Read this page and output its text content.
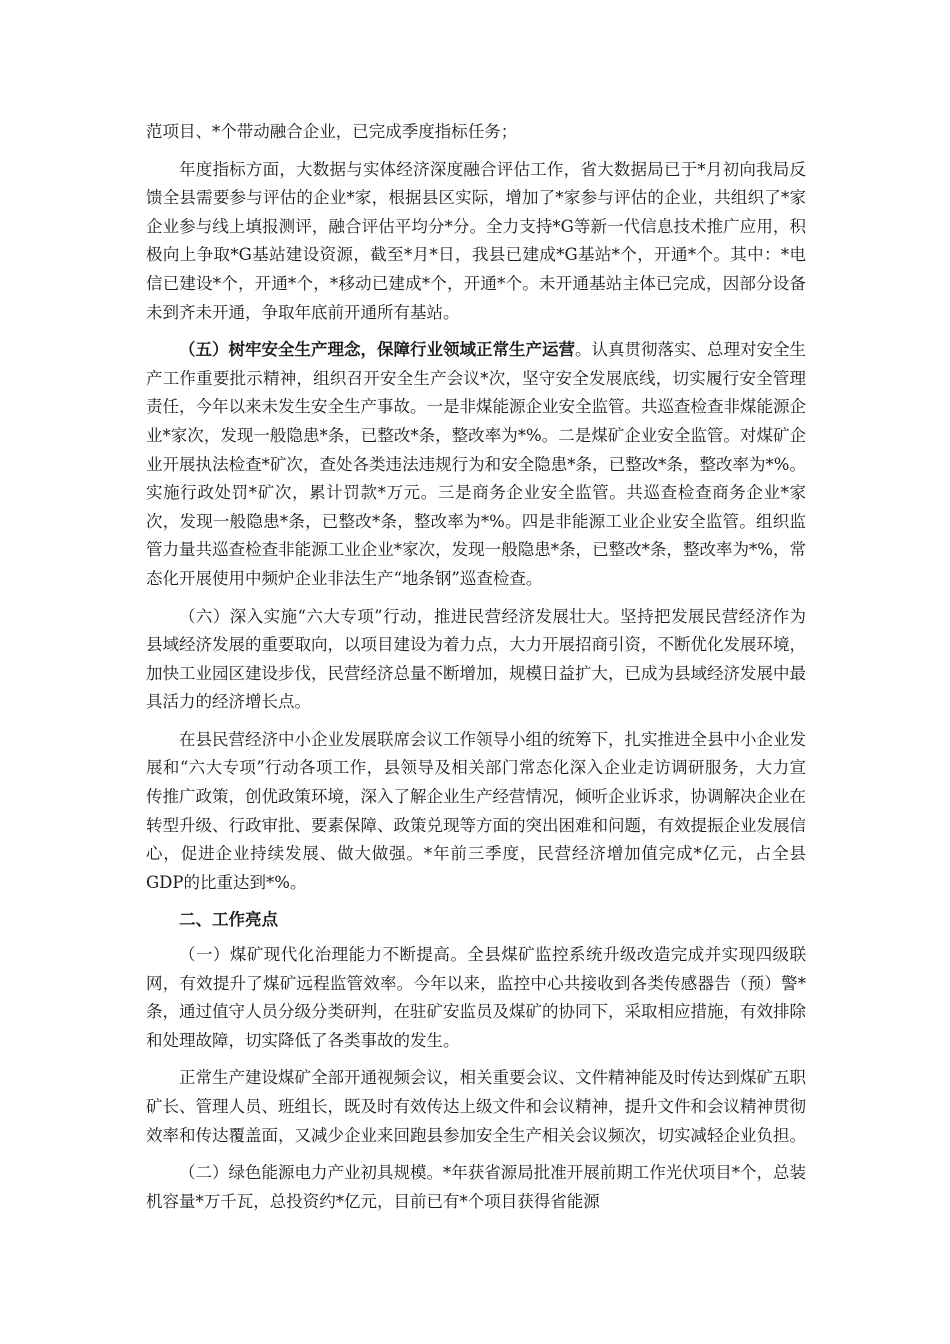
范项目、*个带动融合企业，已完成季度指标任务；

年度指标方面，大数据与实体经济深度融合评估工作，省大数据局已于*月初向我局反馈全县需要参与评估的企业*家，根据县区实际，增加了*家参与评估的企业，共组织了*家企业参与线上填报测评，融合评估平均分*分。全力支持*G等新一代信息技术推广应用，积极向上争取*G基站建设资源，截至*月*日，我县已建成*G基站*个，开通*个。其中：*电信已建设*个，开通*个，*移动已建成*个，开通*个。未开通基站主体已完成，因部分设备未到齐未开通，争取年底前开通所有基站。

（五）树牢安全生产理念，保障行业领域正常生产运营。认真贯彻落实、总理对安全生产工作重要批示精神，组织召开安全生产会议*次，坚守安全发展底线，切实履行安全管理责任，今年以来未发生安全生产事故。一是非煤能源企业安全监管。共巡查检查非煤能源企业*家次，发现一般隐患*条，已整改*条，整改率为*%。二是煤矿企业安全监管。对煤矿企业开展执法检查*矿次，查处各类违法违规行为和安全隐患*条，已整改*条，整改率为*%。实施行政处罚*矿次，累计罚款*万元。三是商务企业安全监管。共巡查检查商务企业*家次，发现一般隐患*条，已整改*条，整改率为*%。四是非能源工业企业安全监管。组织监管力量共巡查检查非能源工业企业*家次，发现一般隐患*条，已整改*条，整改率为*%，常态化开展使用中频炉企业非法生产“地条钢”巡查检查。

（六）深入实施“六大专项”行动，推进民营经济发展壮大。坚持把发展民营经济作为县域经济发展的重要取向，以项目建设为着力点，大力开展招商引资，不断优化发展环境，加快工业园区建设步伐，民营经济总量不断增加，规模日益扩大，已成为县域经济发展中最具活力的经济增长点。

在县民营经济中小企业发展联席会议工作领导小组的统筹下，扎实推进全县中小企业发展和“六大专项”行动各项工作，县领导及相关部门常态化深入企业走访调研服务，大力宣传推广政策，创优政策环境，深入了解企业生产经营情况，倾听企业诉求，协调解决企业在转型升级、行政审批、要素保障、政策兑现等方面的突出困难和问题，有效提振企业发展信心，促进企业持续发展、做大做强。*年前三季度，民营经济增加值完成*亿元，占全县GDP的比重达到*%。

二、工作亮点

（一）煤矿现代化治理能力不断提高。全县煤矿监控系统升级改造完成并实现四级联网，有效提升了煤矿远程监管效率。今年以来，监控中心共接收到各类传感器告（预）警*条，通过值守人员分级分类研判，在驻矿安监员及煤矿的协同下，采取相应措施，有效排除和处理故障，切实降低了各类事故的发生。

正常生产建设煤矿全部开通视频会议，相关重要会议、文件精神能及时传达到煤矿五职矿长、管理人员、班组长，既及时有效传达上级文件和会议精神，提升文件和会议精神贯彻效率和传达覆盖面，又减少企业来回跑县参加安全生产相关会议频次，切实减轻企业负担。

（二）绿色能源电力产业初具规模。*年获省源局批准开展前期工作光伏项目*个，总装机容量*万千瓦，总投资约*亿元，目前已有*个项目获得省能源
